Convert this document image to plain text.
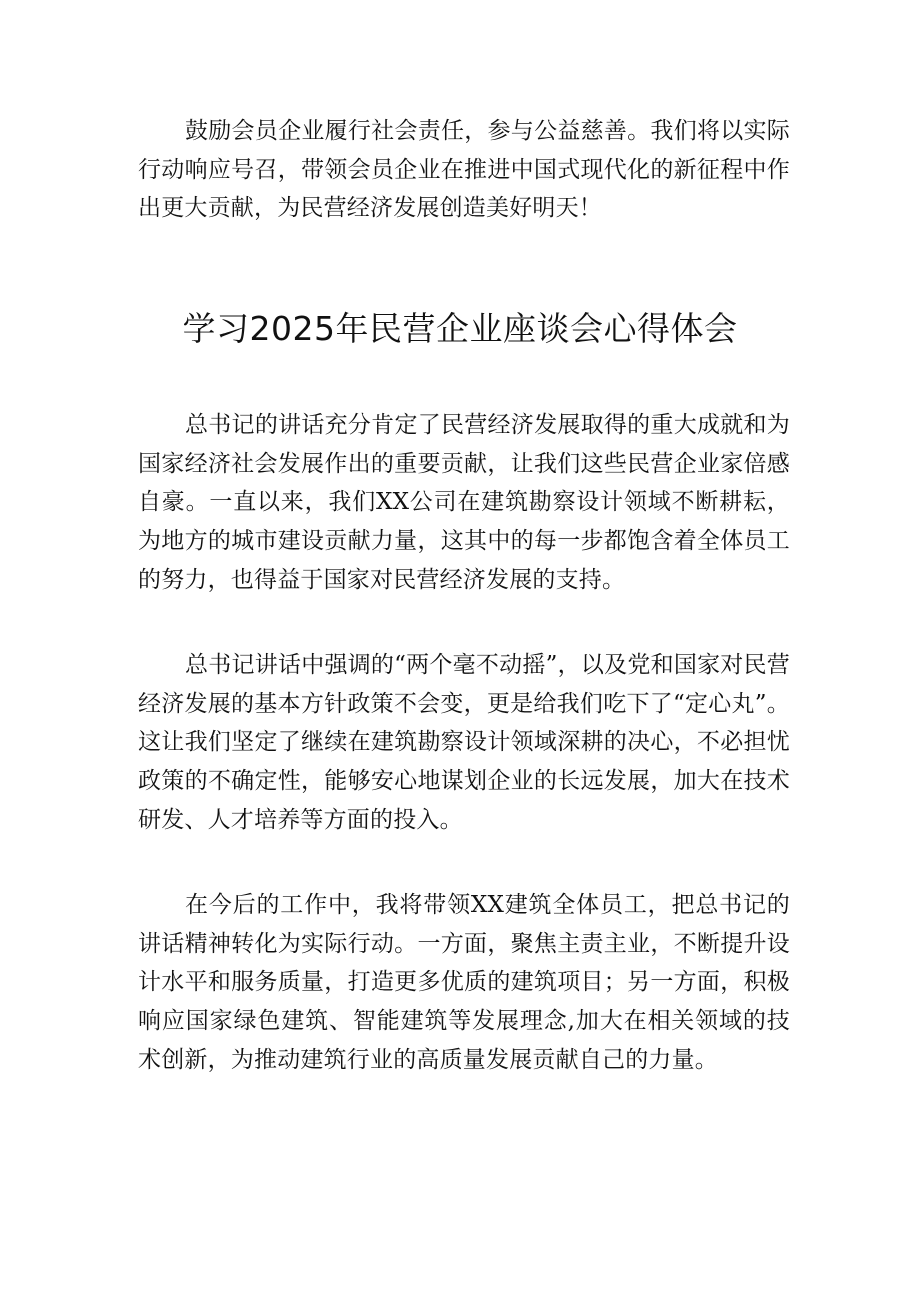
鼓励会员企业履行社会责任，参与公益慈善。我们将以实际行动响应号召，带领会员企业在推进中国式现代化的新征程中作出更大贡献，为民营经济发展创造美好明天！

学习2025年民营企业座谈会心得体会

总书记的讲话充分肯定了民营经济发展取得的重大成就和为国家经济社会发展作出的重要贡献，让我们这些民营企业家倍感自豪。一直以来，我们XX公司在建筑勘察设计领域不断耕耘，为地方的城市建设贡献力量，这其中的每一步都饱含着全体员工的努力，也得益于国家对民营经济发展的支持。

总书记讲话中强调的“两个毫不动摇”，以及党和国家对民营经济发展的基本方针政策不会变，更是给我们吃下了“定心丸”。这让我们坚定了继续在建筑勘察设计领域深耕的决心，不必担忧政策的不确定性，能够安心地谋划企业的长远发展，加大在技术研发、人才培养等方面的投入。

在今后的工作中，我将带领XX建筑全体员工，把总书记的讲话精神转化为实际行动。一方面，聚焦主责主业，不断提升设计水平和服务质量，打造更多优质的建筑项目；另一方面，积极响应国家绿色建筑、智能建筑等发展理念,加大在相关领域的技术创新，为推动建筑行业的高质量发展贡献自己的力量。
